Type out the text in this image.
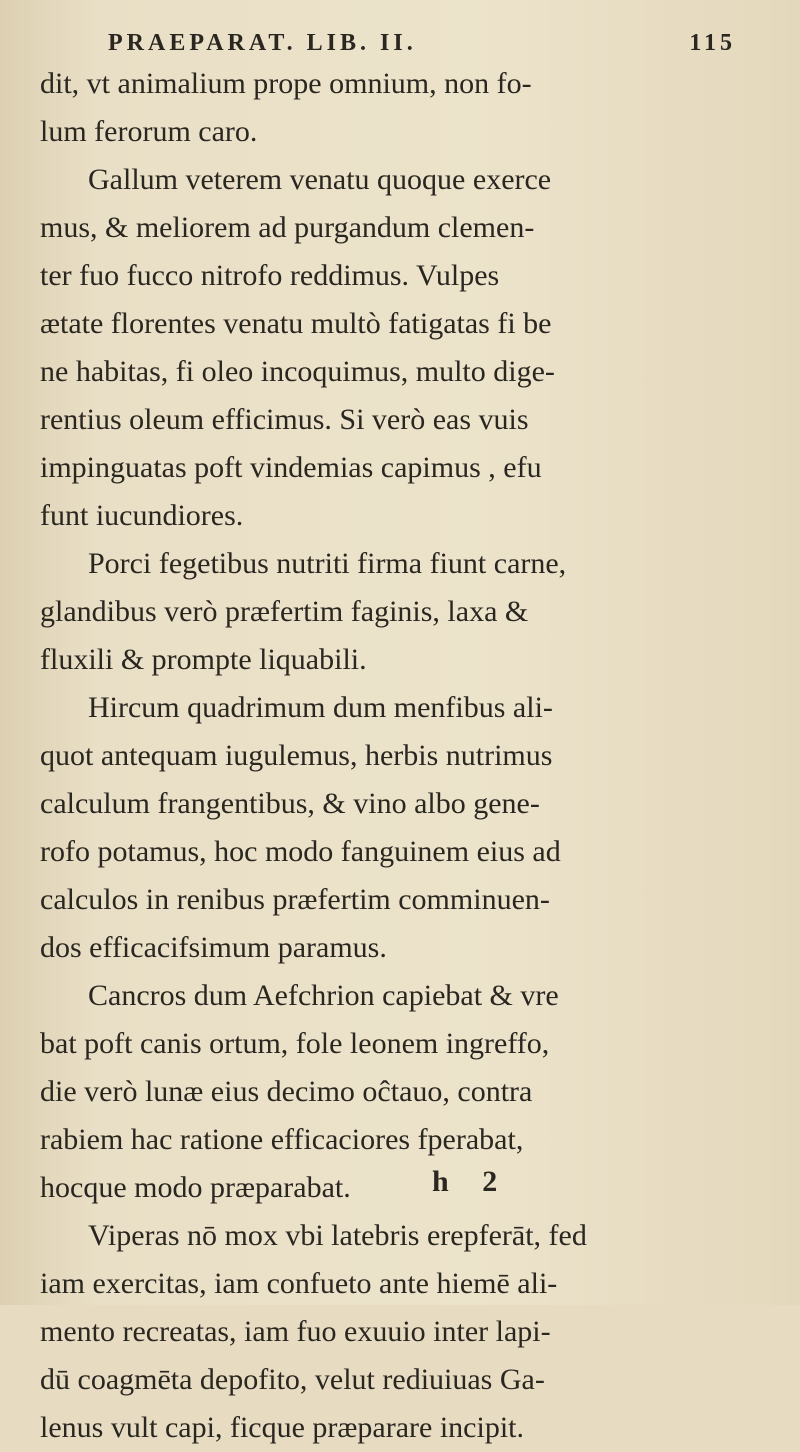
PRAEPARAT. LIB. II.	115
dit, vt animalium prope omnium, non fo-
lum ferorum caro.
Gallum veterem venatu quoque exerce
mus, & meliorem ad purgandum clemen-
ter fuo fucco nitrofo reddimus. Vulpes
ætate florentes venatu multò fatigatas fi be
ne habitas, fi oleo incoquimus, multo dige-
rentius oleum efficimus. Si verò eas vuis
impinguatas poft vindemias capimus , efu
funt iucundiores.
Porci fegetibus nutriti firma fiunt carne,
glandibus verò præfertim faginis, laxa &
fluxili & prompte liquabili.
Hircum quadrimum dum menfibus ali-
quot antequam iugulemus, herbis nutrimus
calculum frangentibus, & vino albo gene-
rofo potamus, hoc modo fanguinem eius ad
calculos in renibus præfertim comminuen-
dos efficacifsimum paramus.
Cancros dum Aefchrion capiebat & vre
bat poft canis ortum, fole leonem ingreffo,
die verò lunæ eius decimo oĉtauo, contra
rabiem hac ratione efficaciores fperabat,
hocque modo præparabat.
Viperas nō mox vbi latebris erepferāt, fed
iam exercitas, iam confueto ante hiemē ali-
mento recreatas, iam fuo exuuio inter lapi-
dū coagmēta depofito, velut rediuiuas Ga-
lenus vult capi, ficque præparare incipit.
h 2
